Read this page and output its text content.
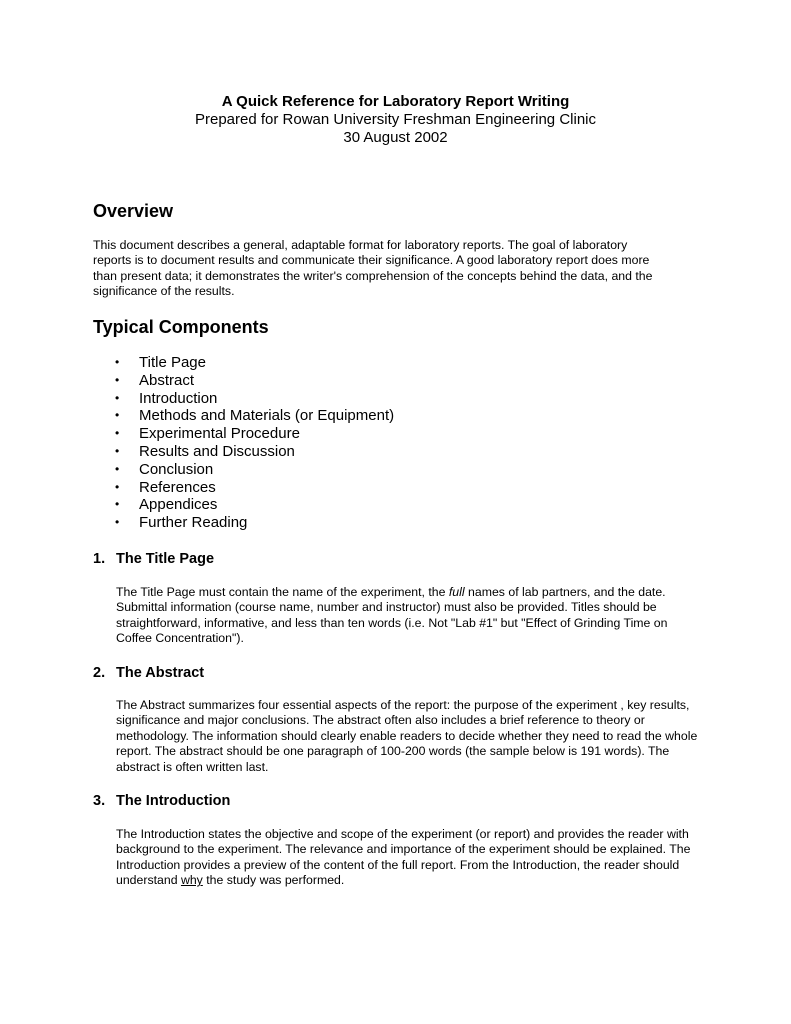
A Quick Reference for Laboratory Report Writing
Prepared for Rowan University Freshman Engineering Clinic
30 August 2002
Overview
This document describes a general, adaptable format for laboratory reports. The goal of laboratory reports is to document results and communicate their significance. A good laboratory report does more than present data; it demonstrates the writer's comprehension of the concepts behind the data, and the significance of the results.
Typical Components
• Title Page
• Abstract
• Introduction
• Methods and Materials (or Equipment)
• Experimental Procedure
• Results and Discussion
• Conclusion
• References
• Appendices
• Further Reading
1. The Title Page
The Title Page must contain the name of the experiment, the full names of lab partners, and the date. Submittal information (course name, number and instructor) must also be provided. Titles should be straightforward, informative, and less than ten words (i.e. Not "Lab #1" but "Effect of Grinding Time on Coffee Concentration").
2. The Abstract
The Abstract summarizes four essential aspects of the report: the purpose of the experiment , key results, significance and major conclusions. The abstract often also includes a brief reference to theory or methodology. The information should clearly enable readers to decide whether they need to read the whole report. The abstract should be one paragraph of 100-200 words (the sample below is 191 words). The abstract is often written last.
3. The Introduction
The Introduction states the objective and scope of the experiment (or report) and provides the reader with background to the experiment. The relevance and importance of the experiment should be explained. The Introduction provides a preview of the content of the full report. From the Introduction, the reader should understand why the study was performed.
